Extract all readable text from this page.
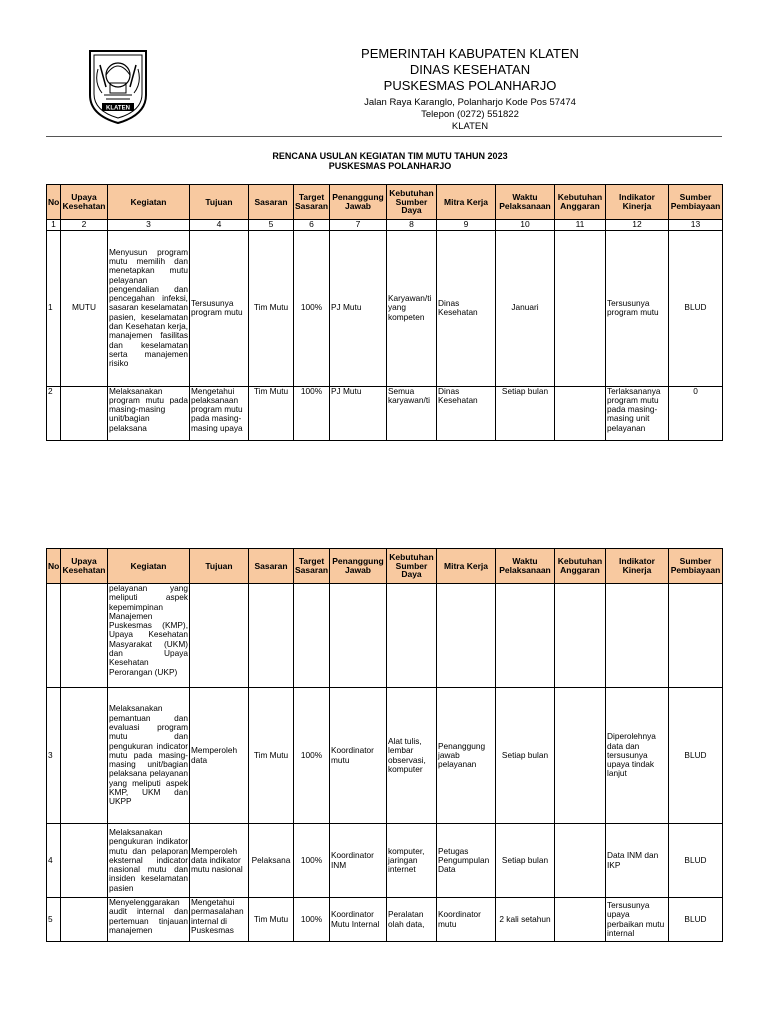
KLATEN
PEMERINTAH KABUPATEN KLATEN
DINAS KESEHATAN
PUSKESMAS POLANHARJO
Jalan Raya Karanglo, Polanharjo Kode Pos 57474
Telepon (0272) 551822
KLATEN
RENCANA USULAN KEGIATAN TIM MUTU TAHUN 2023
PUSKESMAS POLANHARJO
No	Upaya Kesehatan	Kegiatan	Tujuan	Sasaran	Target Sasaran	Penanggung Jawab	Kebutuhan Sumber Daya	Mitra Kerja	Waktu Pelaksanaan	Kebutuhan Anggaran	Indikator Kinerja	Sumber Pembiayaan
1	2	3	4	5	6	7	8	9	10	11	12	13
1	MUTU	Menyusun program mutu memilih dan menetapkan mutu pelayanan pengendalian dan pencegahan infeksi, sasaran keselamatan pasien, keselamatan dan Kesehatan kerja, manajemen fasilitas dan keselamatan serta manajemen risiko	Tersusunya program mutu	Tim Mutu	100%	PJ Mutu	Karyawan/ti yang kompeten	Dinas Kesehatan	Januari		Tersusunya program mutu	BLUD
2		Melaksanakan program mutu pada masing-masing unit/bagian pelaksana	Mengetahui pelaksanaan program mutu pada masing-masing upaya	Tim Mutu	100%	PJ Mutu	Semua karyawan/ti	Dinas Kesehatan	Setiap bulan		Terlaksananya program mutu pada masing-masing unit pelayanan	0
No	Upaya Kesehatan	Kegiatan	Tujuan	Sasaran	Target Sasaran	Penanggung Jawab	Kebutuhan Sumber Daya	Mitra Kerja	Waktu Pelaksanaan	Kebutuhan Anggaran	Indikator Kinerja	Sumber Pembiayaan
		pelayanan yang meliputi aspek kepemimpinan Manajemen Puskesmas (KMP), Upaya Kesehatan Masyarakat (UKM) dan Upaya Kesehatan Perorangan (UKP)										
3		Melaksanakan pemantuan dan evaluasi program mutu dan pengukuran indicator mutu pada masing-masing unit/bagian pelaksana pelayanan yang meliputi aspek KMP, UKM dan UKPP	Memperoleh data	Tim Mutu	100%	Koordinator mutu	Alat tulis, lembar observasi, komputer	Penanggung jawab pelayanan	Setiap bulan		Diperolehnya data dan tersusunya upaya tindak lanjut	BLUD
4		Melaksanakan pengukuran indikator mutu dan pelaporan eksternal indicator nasional mutu dan insiden keselamatan pasien	Memperoleh data indikator mutu nasional	Pelaksana	100%	Koordinator INM	komputer, jaringan internet	Petugas Pengumpulan Data	Setiap bulan		Data INM dan IKP	BLUD
5		Menyelenggarakan audit internal dan pertemuan tinjauan manajemen	Mengetahui permasalahan internal di Puskesmas	Tim Mutu	100%	Koordinator Mutu Internal	Peralatan olah data,	Koordinator mutu	2 kali setahun		Tersusunya upaya perbaikan mutu internal	BLUD
